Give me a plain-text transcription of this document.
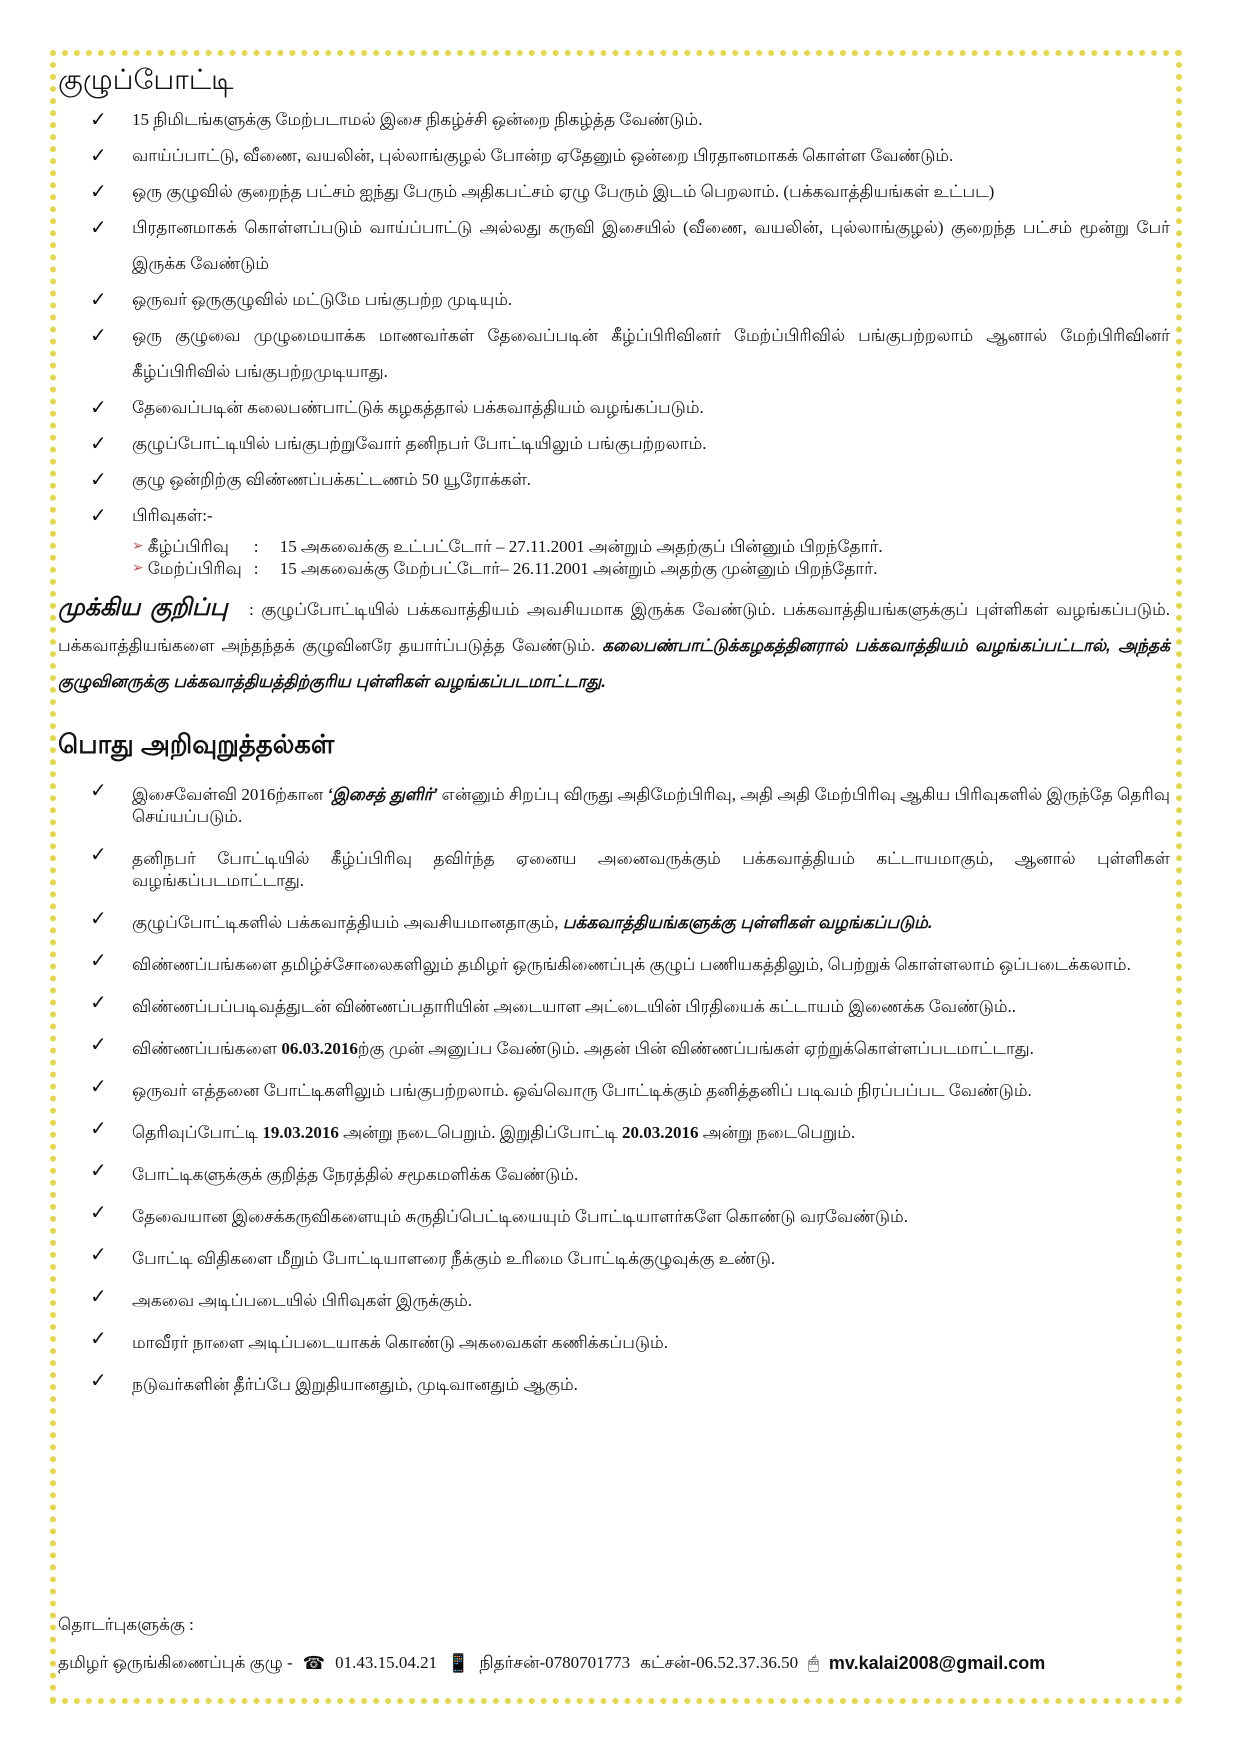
குழுப்போட்டி
✓ 15 நிமிடங்களுக்கு மேற்படாமல் இசை நிகழ்ச்சி ஒன்றை நிகழ்த்த வேண்டும்.
✓ வாய்ப்பாட்டு, வீணை, வயலின், புல்லாங்குழல் போன்ற ஏதேனும் ஒன்றை பிரதானமாகக் கொள்ள வேண்டும்.
✓ ஒரு குழுவில் குறைந்த பட்சம் ஐந்து பேரும் அதிகபட்சம் ஏழு பேரும் இடம் பெறலாம். (பக்கவாத்தியங்கள் உட்பட)
✓ பிரதானமாகக் கொள்ளப்படும் வாய்ப்பாட்டு அல்லது கருவி இசையில் (வீணை, வயலின், புல்லாங்குழல்) குறைந்த பட்சம் மூன்று பேர் இருக்க வேண்டும்
✓ ஒருவர் ஒருகுழுவில் மட்டுமே பங்குபற்ற முடியும்.
✓ ஒரு குழுவை முழுமையாக்க மாணவர்கள் தேவைப்படின் கீழ்ப்பிரிவினர் மேற்ப்பிரிவில் பங்குபற்றலாம் ஆனால் மேற்பிரிவினர் கீழ்ப்பிரிவில் பங்குபற்றமுடியாது.
✓ தேவைப்படின் கலைபண்பாட்டுக் கழகத்தால் பக்கவாத்தியம் வழங்கப்படும்.
✓ குழுப்போட்டியில் பங்குபற்றுவோர் தனிநபர் போட்டியிலும் பங்குபற்றலாம்.
✓ குழு ஒன்றிற்கு விண்ணப்பக்கட்டணம் 50 யூரோக்கள்.
✓ பிரிவுகள்:-
➢ கீழ்ப்பிரிவு	:	15 அகவைக்கு உட்பட்டோர் – 27.11.2001 அன்றும் அதற்குப் பின்னும் பிறந்தோர்.
➢ மேற்ப்பிரிவு :	15 அகவைக்கு மேற்பட்டோர்– 26.11.2001 அன்றும் அதற்கு முன்னும் பிறந்தோர்.
முக்கிய குறிப்பு : குழுப்போட்டியில் பக்கவாத்தியம் அவசியமாக இருக்க வேண்டும். பக்கவாத்தியங்களுக்குப் புள்ளிகள் வழங்கப்படும். பக்கவாத்தியங்களை அந்தந்தக் குழுவினரே தயார்ப்படுத்த வேண்டும். கலைபண்பாட்டுக்கழகத்தினரால் பக்கவாத்தியம் வழங்கப்பட்டால், அந்தக் குழுவினருக்கு பக்கவாத்தியத்திற்குரிய புள்ளிகள் வழங்கப்படமாட்டாது.
பொது அறிவுறுத்தல்கள்
✓ இசைவேள்வி 2016ற்கான ‘இசைத் துளிர்’ என்னும் சிறப்பு விருது அதிமேற்பிரிவு, அதி அதி மேற்பிரிவு ஆகிய பிரிவுகளில் இருந்தே தெரிவு செய்யப்படும்.
✓ தனிநபர் போட்டியில் கீழ்ப்பிரிவு தவிர்ந்த ஏனைய அனைவருக்கும் பக்கவாத்தியம் கட்டாயமாகும், ஆனால் புள்ளிகள் வழங்கப்படமாட்டாது.
✓ குழுப்போட்டிகளில் பக்கவாத்தியம் அவசியமானதாகும், பக்கவாத்தியங்களுக்கு புள்ளிகள் வழங்கப்படும்.
✓ விண்ணப்பங்களை தமிழ்ச்சோலைகளிலும் தமிழர் ஒருங்கிணைப்புக் குழுப் பணியகத்திலும், பெற்றுக் கொள்ளலாம் ஒப்படைக்கலாம்.
✓ விண்ணப்பப்படிவத்துடன் விண்ணப்பதாரியின் அடையாள அட்டையின் பிரதியைக் கட்டாயம் இணைக்க வேண்டும்..
✓ விண்ணப்பங்களை 06.03.2016ற்கு முன் அனுப்ப வேண்டும். அதன் பின் விண்ணப்பங்கள் ஏற்றுக்கொள்ளப்படமாட்டாது.
✓ ஒருவர் எத்தனை போட்டிகளிலும் பங்குபற்றலாம். ஒவ்வொரு போட்டிக்கும் தனித்தனிப் படிவம் நிரப்பப்பட வேண்டும்.
✓ தெரிவுப்போட்டி 19.03.2016 அன்று நடைபெறும். இறுதிப்போட்டி 20.03.2016 அன்று நடைபெறும்.
✓ போட்டிகளுக்குக் குறித்த நேரத்தில் சமூகமளிக்க வேண்டும்.
✓ தேவையான இசைக்கருவிகளையும் சுருதிப்பெட்டியையும் போட்டியாளர்களே கொண்டு வரவேண்டும்.
✓ போட்டி விதிகளை மீறும் போட்டியாளரை நீக்கும் உரிமை போட்டிக்குழுவுக்கு உண்டு.
✓ அகவை அடிப்படையில் பிரிவுகள் இருக்கும்.
✓ மாவீரர் நாளை அடிப்படையாகக் கொண்டு அகவைகள் கணிக்கப்படும்.
✓ நடுவர்களின் தீர்ப்பே இறுதியானதும், முடிவானதும் ஆகும்.
தொடர்புகளுக்கு :
தமிழர் ஒருங்கிணைப்புக் குழு - ☎ 01.43.15.04.21 📱 நிதர்சன்-0780701773 கட்சன்-06.52.37.36.50 🖱 mv.kalai2008@gmail.com
